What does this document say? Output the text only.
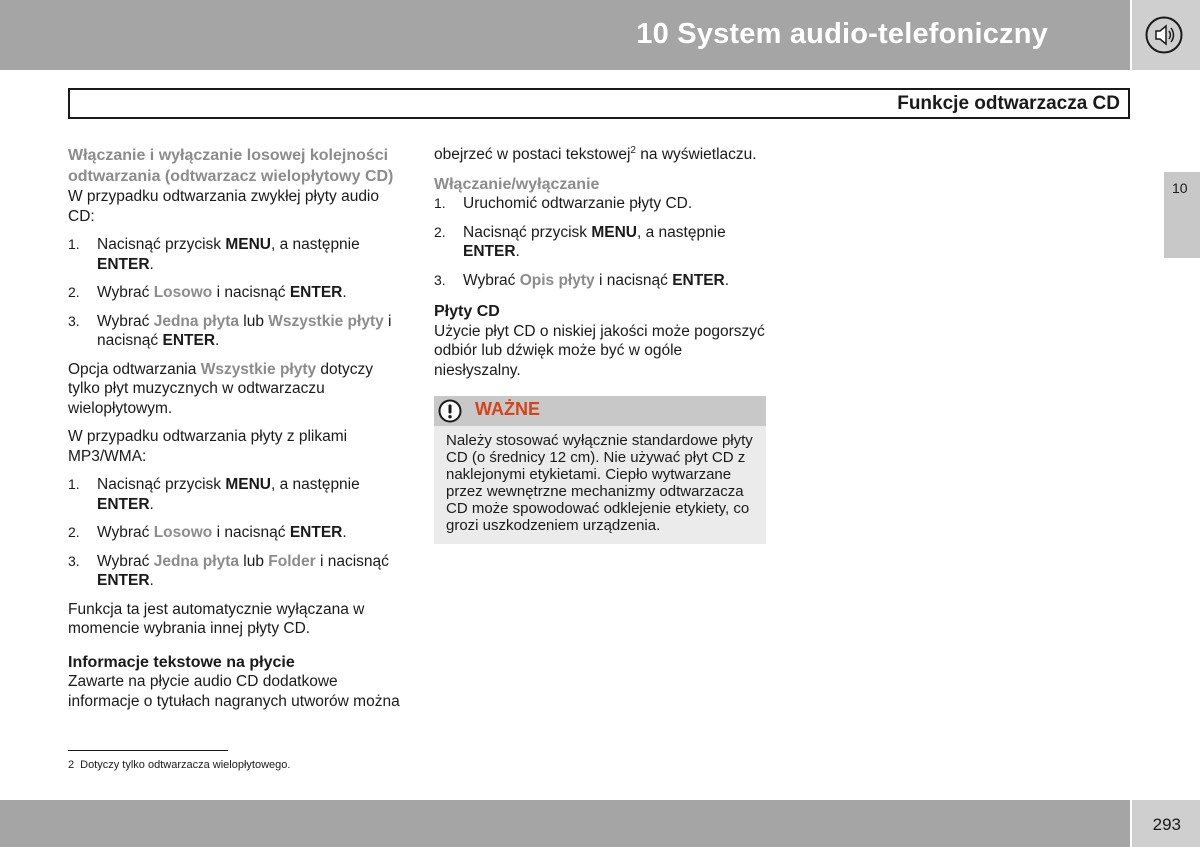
10 System audio-telefoniczny
Funkcje odtwarzacza CD
10

Włączanie i wyłączanie losowej kolejności odtwarzania (odtwarzacz wielopłytowy CD)

W przypadku odtwarzania zwykłej płyty audio CD:

1. Nacisnąć przycisk MENU, a następnie ENTER.
2. Wybrać Losowo i nacisnąć ENTER.
3. Wybrać Jedna płyta lub Wszystkie płyty i nacisnąć ENTER.

Opcja odtwarzania Wszystkie płyty dotyczy tylko płyt muzycznych w odtwarzaczu wielopłytowym.

W przypadku odtwarzania płyty z plikami MP3/WMA:

1. Nacisnąć przycisk MENU, a następnie ENTER.
2. Wybrać Losowo i nacisnąć ENTER.
3. Wybrać Jedna płyta lub Folder i nacisnąć ENTER.

Funkcja ta jest automatycznie wyłączana w momencie wybrania innej płyty CD.

Informacje tekstowe na płycie

Zawarte na płycie audio CD dodatkowe informacje o tytułach nagranych utworów można

obejrzeć w postaci tekstowej$^2$ na wyświetlaczu.

Włączanie/wyłączanie

1. Uruchomić odtwarzanie płyty CD.
2. Nacisnąć przycisk MENU, a następnie ENTER.
3. Wybrać Opis płyty i nacisnąć ENTER.

Płyty CD

Użycie płyt CD o niskiej jakości może pogorszyć odbiór lub dźwięk może być w ogóle niesłyszalny.

WAŻNE
Należy stosować wyłącznie standardowe płyty CD (o średnicy 12 cm). Nie używać płyt CD z naklejonymi etykietami. Ciepło wytwarzane przez wewnętrzne mechanizmy odtwarzacza CD może spowodować odklejenie etykiety, co grozi uszkodzeniem urządzenia.
2 Dotyczy tylko odtwarzacza wielopłytowego.
293
